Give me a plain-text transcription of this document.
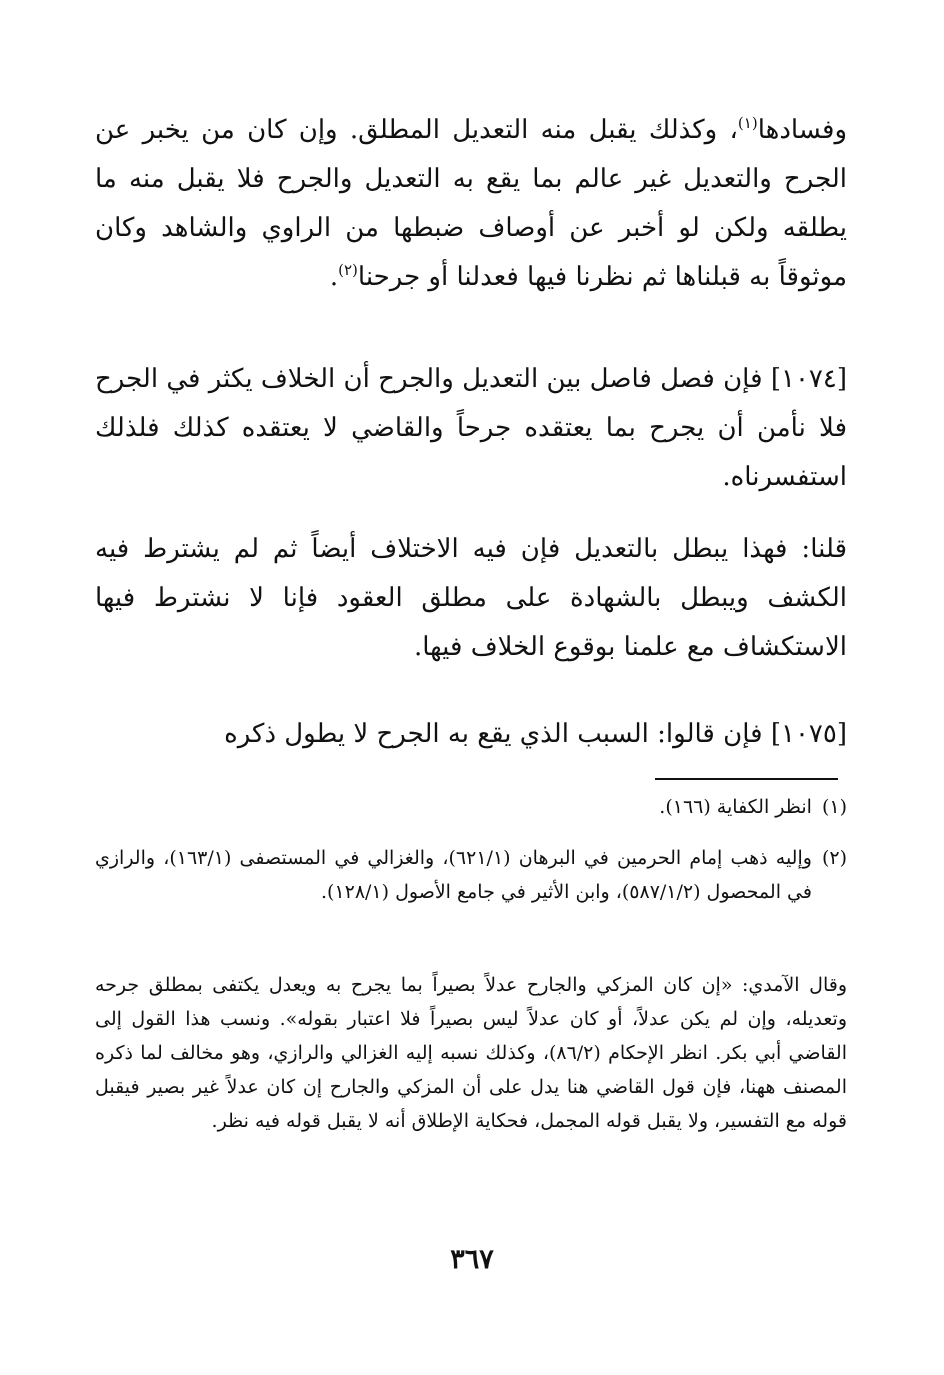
وفسادها$^{(١)}$، وكذلك يقبل منه التعديل المطلق. وإن كان من يخبر عن الجرح والتعديل غير عالم بما يقع به التعديل والجرح فلا يقبل منه ما يطلقه ولكن لو أخبر عن أوصاف ضبطها من الراوي والشاهد وكان موثوقاً به قبلناها ثم نظرنا فيها فعدلنا أو جرحنا$^{(٢)}$.

[١٠٧٤] فإن فصل فاصل بين التعديل والجرح أن الخلاف يكثر في الجرح فلا نأمن أن يجرح بما يعتقده جرحاً والقاضي لا يعتقده كذلك فلذلك استفسرناه.

قلنا: فهذا يبطل بالتعديل فإن فيه الاختلاف أيضاً ثم لم يشترط فيه الكشف ويبطل بالشهادة على مطلق العقود فإنا لا نشترط فيها الاستكشاف مع علمنا بوقوع الخلاف فيها.

[١٠٧٥] فإن قالوا: السبب الذي يقع به الجرح لا يطول ذكره

(١)
انظر الكفاية (١٦٦).
(٢)
وإليه ذهب إمام الحرمين في البرهان (٦٢١/١)، والغزالي في المستصفى (١٦٣/١)، والرازي في المحصول (٥٨٧/١/٢)، وابن الأثير في جامع الأصول (١٢٨/١).
وقال الآمدي: «إن كان المزكي والجارح عدلاً بصيراً بما يجرح به ويعدل يكتفى بمطلق جرحه وتعديله، وإن لم يكن عدلاً، أو كان عدلاً ليس بصيراً فلا اعتبار بقوله». ونسب هذا القول إلى القاضي أبي بكر. انظر الإحكام (٨٦/٢)، وكذلك نسبه إليه الغزالي والرازي، وهو مخالف لما ذكره المصنف ههنا، فإن قول القاضي هنا يدل على أن المزكي والجارح إن كان عدلاً غير بصير فيقبل قوله مع التفسير، ولا يقبل قوله المجمل، فحكاية الإطلاق أنه لا يقبل قوله فيه نظر.
٣٦٧
